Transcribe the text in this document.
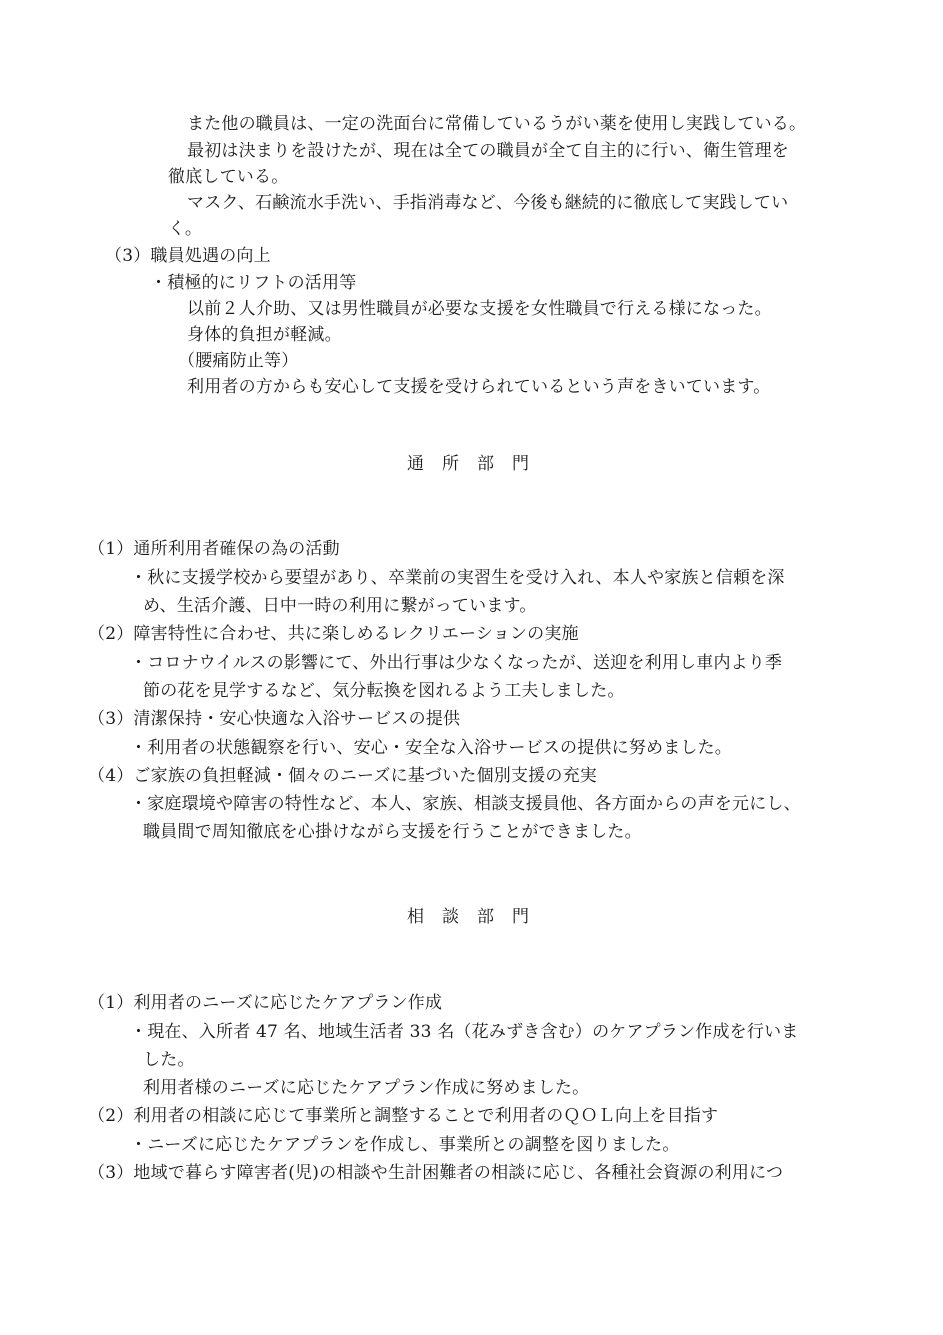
また他の職員は、一定の洗面台に常備しているうがい薬を使用し実践している。
最初は決まりを設けたが、現在は全ての職員が全て自主的に行い、衛生管理を
徹底している。
マスク、石鹸流水手洗い、手指消毒など、今後も継続的に徹底して実践してい
く。
（3）職員処遇の向上
・積極的にリフトの活用等
以前２人介助、又は男性職員が必要な支援を女性職員で行える様になった。
身体的負担が軽減。
（腰痛防止等）
利用者の方からも安心して支援を受けられているという声をきいています。
通　所　部　門
（1）通所利用者確保の為の活動
・秋に支援学校から要望があり、卒業前の実習生を受け入れ、本人や家族と信頼を深
め、生活介護、日中一時の利用に繋がっています。
（2）障害特性に合わせ、共に楽しめるレクリエーションの実施
・コロナウイルスの影響にて、外出行事は少なくなったが、送迎を利用し車内より季
節の花を見学するなど、気分転換を図れるよう工夫しました。
（3）清潔保持・安心快適な入浴サービスの提供
・利用者の状態観察を行い、安心・安全な入浴サービスの提供に努めました。
（4）ご家族の負担軽減・個々のニーズに基づいた個別支援の充実
・家庭環境や障害の特性など、本人、家族、相談支援員他、各方面からの声を元にし、
職員間で周知徹底を心掛けながら支援を行うことができました。
相　談　部　門
（1）利用者のニーズに応じたケアプラン作成
・現在、入所者 47 名、地域生活者 33 名（花みずき含む）のケアプラン作成を行いま
した。
利用者様のニーズに応じたケアプラン作成に努めました。
（2）利用者の相談に応じて事業所と調整することで利用者のＱＯＬ向上を目指す
・ニーズに応じたケアプランを作成し、事業所との調整を図りました。
（3）地域で暮らす障害者(児)の相談や生計困難者の相談に応じ、各種社会資源の利用につ
